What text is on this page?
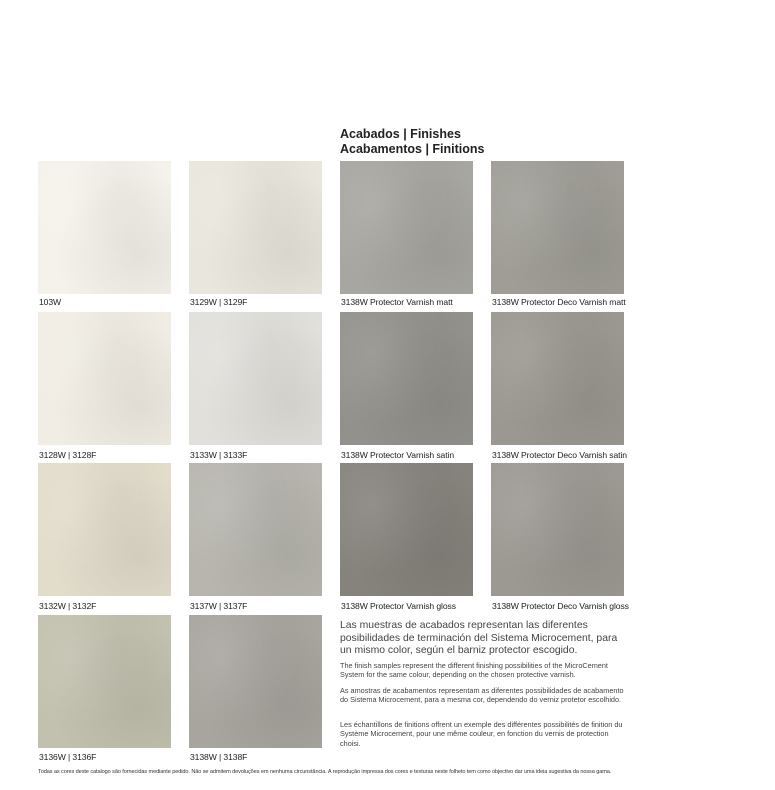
Acabados | Finishes
Acabamentos | Finitions
103W	3129W | 3129F	3138W Protector Varnish matt	3138W Protector Deco Varnish matt
3128W | 3128F	3133W | 3133F	3138W Protector Varnish satin	3138W Protector Deco Varnish satin
3132W | 3132F	3137W | 3137F	3138W Protector Varnish gloss	3138W Protector Deco Varnish gloss
3136W | 3136F	3138W | 3138F
Las muestras de acabados representan las diferentes posibilidades de terminación del Sistema Microcement, para un mismo color, según el barniz protector escogido.
The finish samples represent the different finishing possibilities of the MicroCement System for the same colour, depending on the chosen protective varnish.
As amostras de acabamentos representam as diferentes possibilidades de acabamento do Sistema Microcement, para a mesma cor, dependendo do verniz protetor escolhido.
Les échantillons de finitions offrent un exemple des différentes possibilités de finition du Système Microcement, pour une même couleur, en fonction du vernis de protection choisi.
Todas as cores deste catalogo são fornecidas mediante pedido. Não se admitem devoluções em nenhuma circunstância. A reprodução impressa dos cores e texturas neste folheto tem como objectivo dar uma ideia sugestiva da nossa gama.
